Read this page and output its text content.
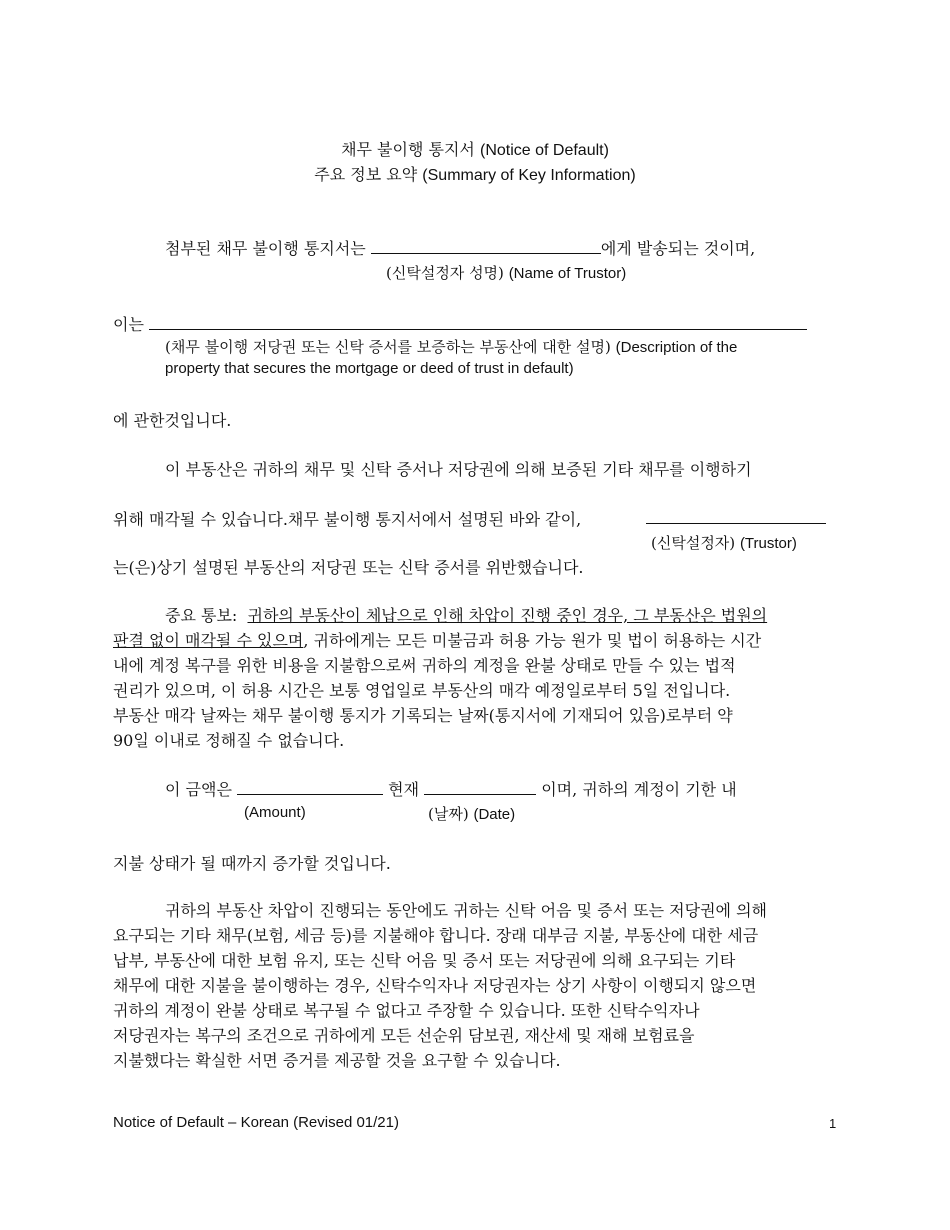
채무 불이행 통지서 (Notice of Default)
주요 정보 요약 (Summary of Key Information)
첨부된 채무 불이행 통지서는	에게 발송되는 것이며,
(신탁설정자 성명) (Name of Trustor)
이는
(채무 불이행 저당권 또는 신탁 증서를 보증하는 부동산에 대한 설명) (Description of the
property that secures the mortgage or deed of trust in default)
에 관한것입니다.
이 부동산은 귀하의 채무 및 신탁 증서나 저당권에 의해 보증된 기타 채무를 이행하기
위해 매각될 수 있습니다.채무 불이행 통지서에서 설명된 바와 같이,
(신탁설정자) (Trustor)
는(은)상기 설명된 부동산의 저당권 또는 신탁 증서를 위반했습니다.
중요 통보: 귀하의 부동산이 체납으로 인해 차압이 진행 중인 경우, 그 부동산은 법원의
판결 없이 매각될 수 있으며, 귀하에게는 모든 미불금과 허용 가능 원가 및 법이 허용하는 시간
내에 계정 복구를 위한 비용을 지불함으로써 귀하의 계정을 완불 상태로 만들 수 있는 법적
권리가 있으며, 이 허용 시간은 보통 영업일로 부동산의 매각 예정일로부터 5일 전입니다.
부동산 매각 날짜는 채무 불이행 통지가 기록되는 날짜(통지서에 기재되어 있음)로부터 약
90일 이내로 정해질 수 없습니다.
이 금액은	현재	이며, 귀하의 계정이 기한 내
(Amount)	(날짜) (Date)
지불 상태가 될 때까지 증가할 것입니다.
귀하의 부동산 차압이 진행되는 동안에도 귀하는 신탁 어음 및 증서 또는 저당권에 의해
요구되는 기타 채무(보험, 세금 등)를 지불해야 합니다. 장래 대부금 지불, 부동산에 대한 세금
납부, 부동산에 대한 보험 유지, 또는 신탁 어음 및 증서 또는 저당권에 의해 요구되는 기타
채무에 대한 지불을 불이행하는 경우, 신탁수익자나 저당권자는 상기 사항이 이행되지 않으면
귀하의 계정이 완불 상태로 복구될 수 없다고 주장할 수 있습니다. 또한 신탁수익자나
저당권자는 복구의 조건으로 귀하에게 모든 선순위 담보권, 재산세 및 재해 보험료을
지불했다는 확실한 서면 증거를 제공할 것을 요구할 수 있습니다.
Notice of Default – Korean (Revised 01/21)	1
